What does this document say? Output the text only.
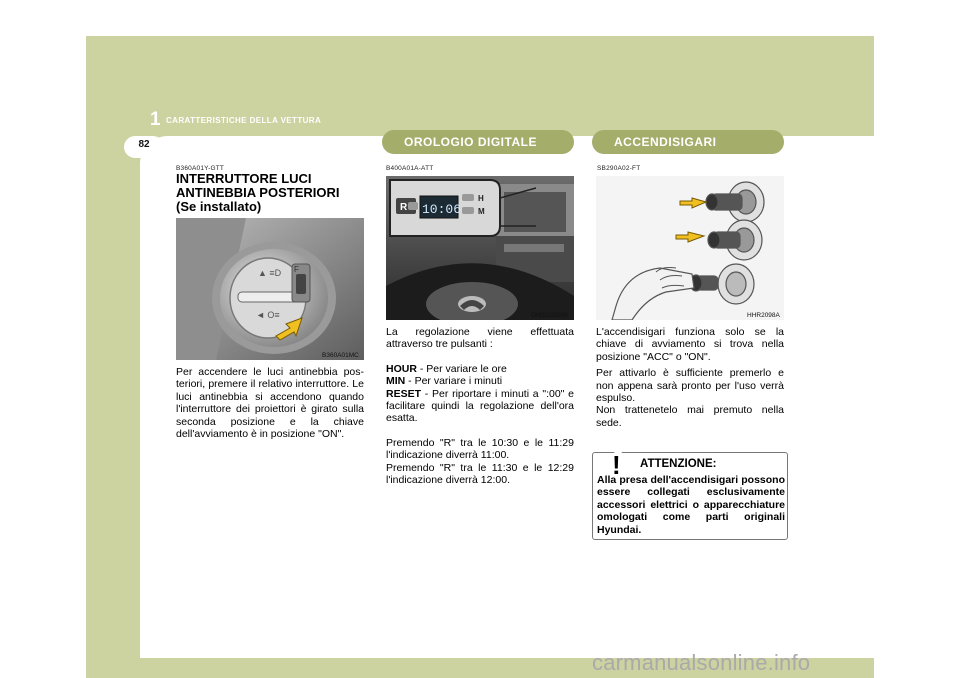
1 CARATTERISTICHE DELLA VETTURA
82	OROLOGIO DIGITALE	ACCENDISIGARI
B360A01Y-GTT
INTERRUTTORE LUCI
ANTINEBBIA POSTERIORI
(Se installato)
▲ ≡D
◄ O≡
F
B360A01MC
Per accendere le luci antinebbia pos-teriori, premere il relativo interruttore. Le luci antinebbia si accendono quando l'interruttore dei proiettori è girato sulla seconda posizione e la chiave dell'avviamento è in posizione "ON".
B400A01A-ATT
R 10:06
H
M
OMC025098

La regolazione viene effettuata attraverso tre pulsanti :

HOUR - Per variare le ore

MIN - Per variare i minuti

RESET - Per riportare i minuti a ":00" e facilitare quindi la regolazione dell'ora esatta.

Premendo "R" tra le 10:30 e le 11:29 l'indicazione diverrà 11:00.

Premendo "R" tra le 11:30 e le 12:29 l'indicazione diverrà 12:00.

SB290A02-FT
HHR2098A

L'accendisigari funziona solo se la chiave di avviamento si trova nella posizione "ACC" o "ON".

Per attivarlo è sufficiente premerlo e non appena sarà pronto per l'uso verrà espulso.

Non trattenetelo mai premuto nella sede.

! ATTENZIONE:
Alla presa dell'accendisigari possono essere collegati esclusivamente accessori elettrici o apparecchiature omologati come parti originali Hyundai.
carmanualsonline.info
